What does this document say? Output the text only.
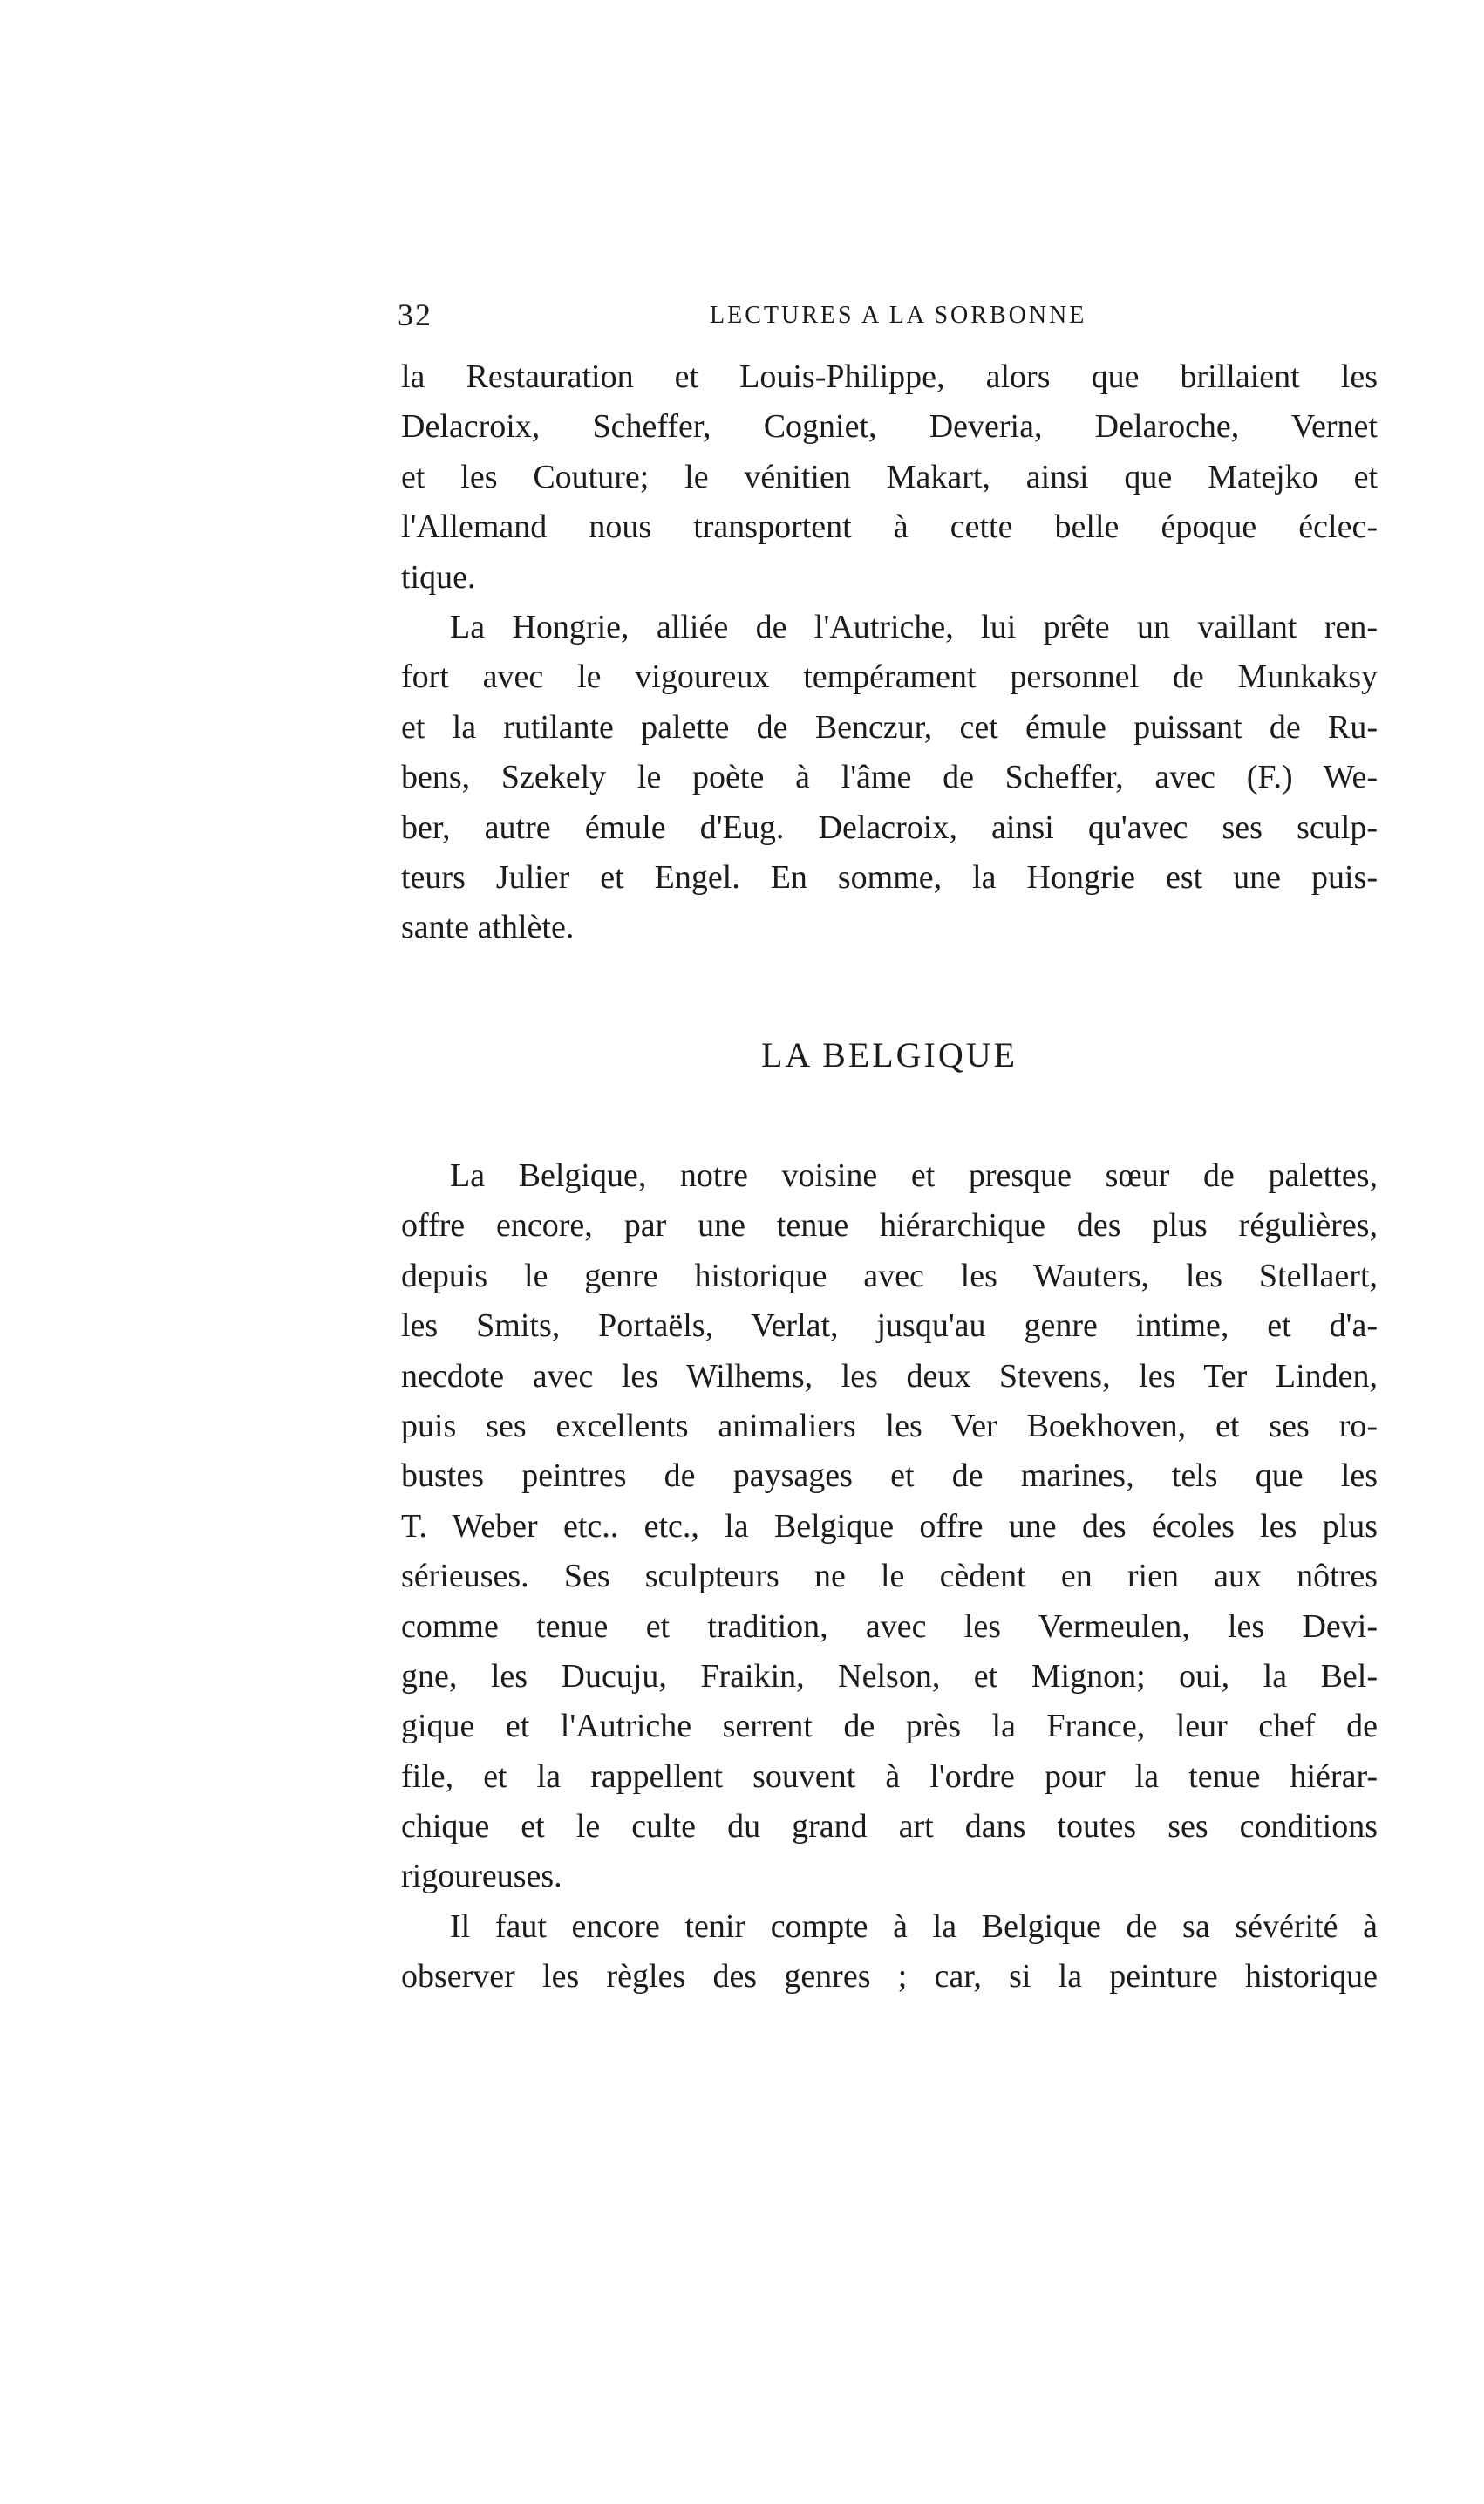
32	LECTURES A LA SORBONNE
la Restauration et Louis-Philippe, alors que brillaient les
Delacroix, Scheffer, Cogniet, Deveria, Delaroche, Vernet
et les Couture; le vénitien Makart, ainsi que Matejko et
l'Allemand nous transportent à cette belle époque éclec-
tique.
La Hongrie, alliée de l'Autriche, lui prête un vaillant ren-
fort avec le vigoureux tempérament personnel de Munkaksy
et la rutilante palette de Benczur, cet émule puissant de Ru-
bens, Szekely le poète à l'âme de Scheffer, avec (F.) We-
ber, autre émule d'Eug. Delacroix, ainsi qu'avec ses sculp-
teurs Julier et Engel. En somme, la Hongrie est une puis-
sante athlète.
LA BELGIQUE
La Belgique, notre voisine et presque sœur de palettes,
offre encore, par une tenue hiérarchique des plus régulières,
depuis le genre historique avec les Wauters, les Stellaert,
les Smits, Portaëls, Verlat, jusqu'au genre intime, et d'a-
necdote avec les Wilhems, les deux Stevens, les Ter Linden,
puis ses excellents animaliers les Ver Boekhoven, et ses ro-
bustes peintres de paysages et de marines, tels que les
T. Weber etc.. etc., la Belgique offre une des écoles les plus
sérieuses. Ses sculpteurs ne le cèdent en rien aux nôtres
comme tenue et tradition, avec les Vermeulen, les Devi-
gne, les Ducuju, Fraikin, Nelson, et Mignon; oui, la Bel-
gique et l'Autriche serrent de près la France, leur chef de
file, et la rappellent souvent à l'ordre pour la tenue hiérar-
chique et le culte du grand art dans toutes ses conditions
rigoureuses.
Il faut encore tenir compte à la Belgique de sa sévérité à
observer les règles des genres ; car, si la peinture historique
